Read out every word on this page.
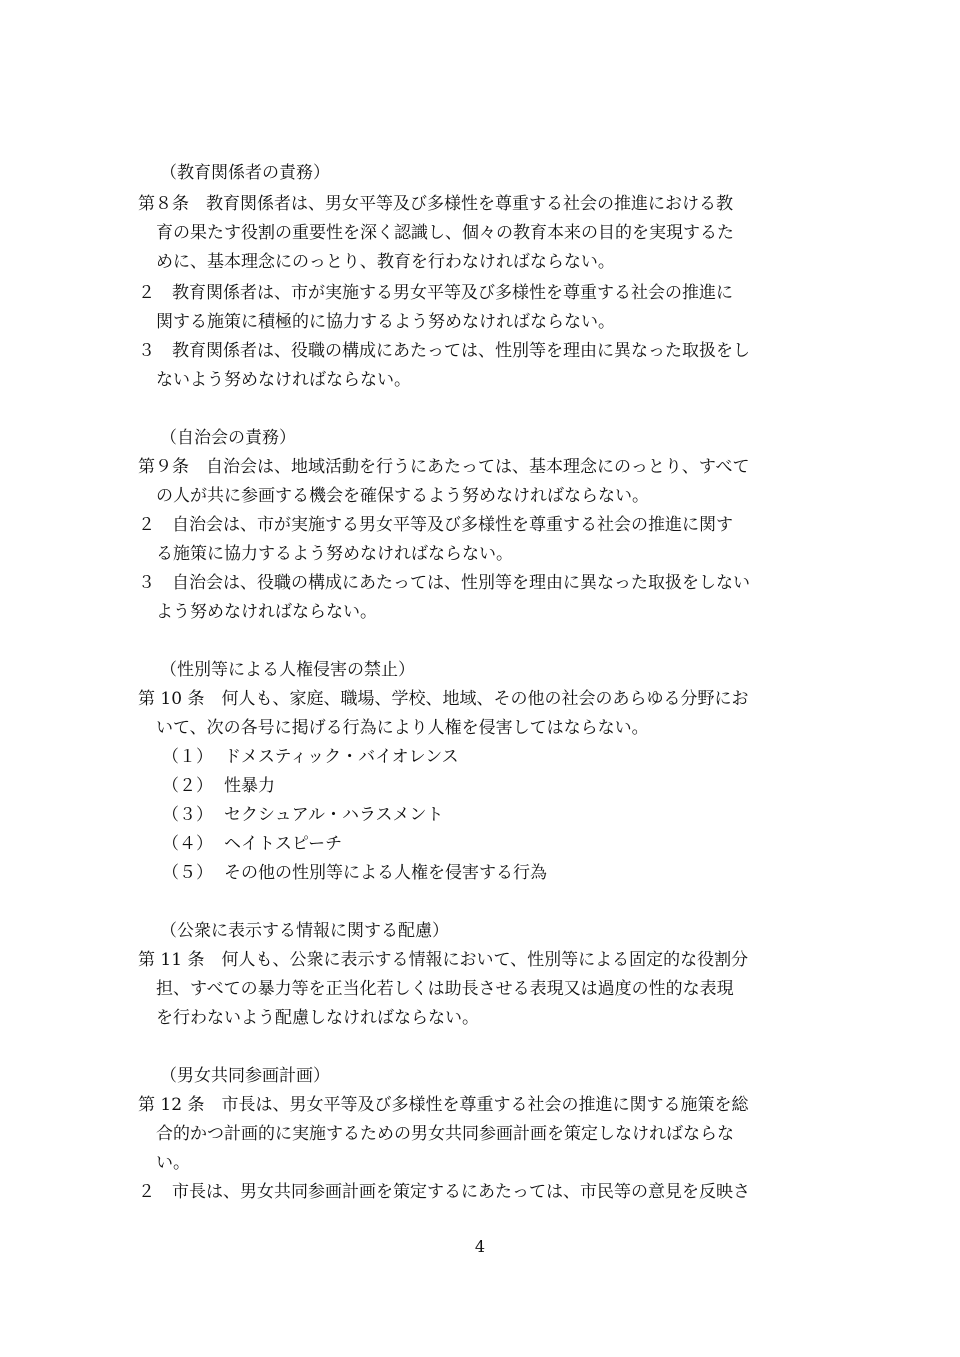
（教育関係者の責務）
第８条　教育関係者は、男女平等及び多様性を尊重する社会の推進における教
育の果たす役割の重要性を深く認識し、個々の教育本来の目的を実現するた
めに、基本理念にのっとり、教育を行わなければならない。
２　教育関係者は、市が実施する男女平等及び多様性を尊重する社会の推進に
関する施策に積極的に協力するよう努めなければならない。
３　教育関係者は、役職の構成にあたっては、性別等を理由に異なった取扱をし
ないよう努めなければならない。
（自治会の責務）
第９条　自治会は、地域活動を行うにあたっては、基本理念にのっとり、すべて
の人が共に参画する機会を確保するよう努めなければならない。
２　自治会は、市が実施する男女平等及び多様性を尊重する社会の推進に関す
る施策に協力するよう努めなければならない。
３　自治会は、役職の構成にあたっては、性別等を理由に異なった取扱をしない
よう努めなければならない。
（性別等による人権侵害の禁止）
第 10 条　何人も、家庭、職場、学校、地域、その他の社会のあらゆる分野にお
いて、次の各号に掲げる行為により人権を侵害してはならない。
（１） ドメスティック・バイオレンス
（２） 性暴力
（３） セクシュアル・ハラスメント
（４） ヘイトスピーチ
（５） その他の性別等による人権を侵害する行為
（公衆に表示する情報に関する配慮）
第 11 条　何人も、公衆に表示する情報において、性別等による固定的な役割分
担、すべての暴力等を正当化若しくは助長させる表現又は過度の性的な表現
を行わないよう配慮しなければならない。
（男女共同参画計画）
第 12 条　市長は、男女平等及び多様性を尊重する社会の推進に関する施策を総
合的かつ計画的に実施するための男女共同参画計画を策定しなければならな
い。
２　市長は、男女共同参画計画を策定するにあたっては、市民等の意見を反映さ
4
